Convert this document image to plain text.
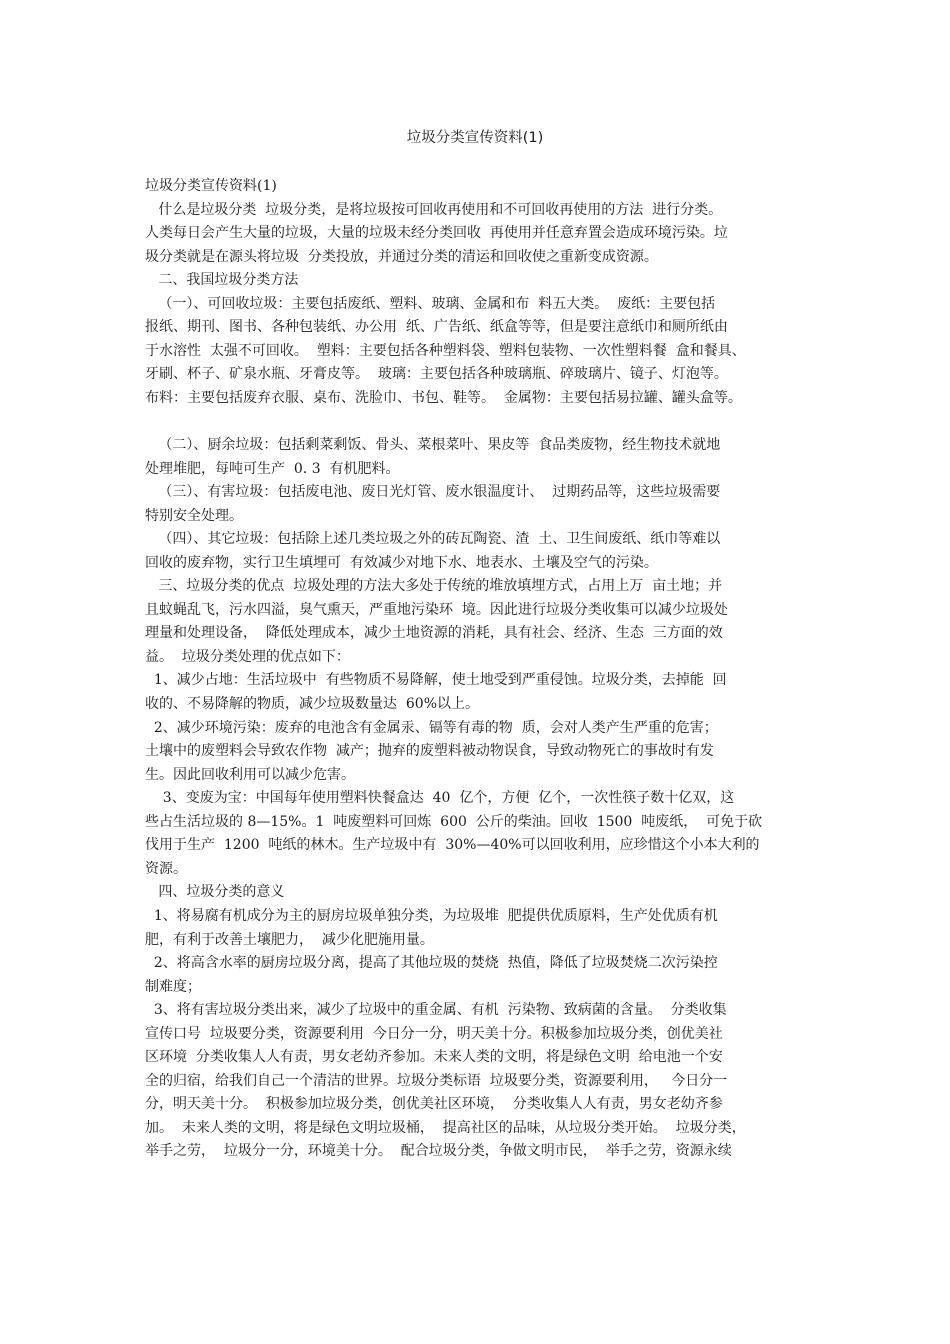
垃圾分类宣传资料(1)
垃圾分类宣传资料(1)
什么是垃圾分类  垃圾分类，是将垃圾按可回收再使用和不可回收再使用的方法  进行分类。
人类每日会产生大量的垃圾，大量的垃圾未经分类回收  再使用并任意弃置会造成环境污染。垃
圾分类就是在源头将垃圾  分类投放，并通过分类的清运和回收使之重新变成资源。
二、我国垃圾分类方法
（一）、可回收垃圾：主要包括废纸、塑料、玻璃、金属和布  料五大类。  废纸：主要包括
报纸、期刊、图书、各种包装纸、办公用  纸、广告纸、纸盒等等，但是要注意纸巾和厕所纸由
于水溶性  太强不可回收。  塑料：主要包括各种塑料袋、塑料包装物、一次性塑料餐  盒和餐具、
牙刷、杯子、矿泉水瓶、牙膏皮等。  玻璃：主要包括各种玻璃瓶、碎玻璃片、镜子、灯泡等。
布料：主要包括废弃衣服、桌布、洗脸巾、书包、鞋等。  金属物：主要包括易拉罐、罐头盒等。
（二）、厨余垃圾：包括剩菜剩饭、骨头、菜根菜叶、果皮等  食品类废物，经生物技术就地
处理堆肥，每吨可生产  0. 3  有机肥料。
（三）、有害垃圾：包括废电池、废日光灯管、废水银温度计、  过期药品等，这些垃圾需要
特别安全处理。
（四）、其它垃圾：包括除上述几类垃圾之外的砖瓦陶瓷、渣  土、卫生间废纸、纸巾等难以
回收的废弃物，实行卫生填埋可  有效减少对地下水、地表水、土壤及空气的污染。
三、垃圾分类的优点  垃圾处理的方法大多处于传统的堆放填埋方式，占用上万  亩土地；并
且蚊蝇乱飞，污水四溢，臭气熏天，严重地污染环  境。因此进行垃圾分类收集可以减少垃圾处
理量和处理设备，  降低处理成本，减少土地资源的消耗，具有社会、经济、生态  三方面的效
益。  垃圾分类处理的优点如下：
1、减少占地：生活垃圾中  有些物质不易降解，使土地受到严重侵蚀。垃圾分类，去掉能  回
收的、不易降解的物质，减少垃圾数量达  60%以上。
2、减少环境污染：废弃的电池含有金属汞、镉等有毒的物  质，会对人类产生严重的危害；
土壤中的废塑料会导致农作物  减产；抛弃的废塑料被动物误食，导致动物死亡的事故时有发
生。因此回收利用可以减少危害。
3、变废为宝：中国每年使用塑料快餐盒达  40  亿个，方便  亿个，一次性筷子数十亿双，这
些占生活垃圾的 8—15%。1  吨废塑料可回炼  600  公斤的柴油。回收  1500  吨废纸，  可免于砍
伐用于生产  1200  吨纸的林木。生产垃圾中有  30%—40%可以回收利用，应珍惜这个小本大利的
资源。
四、垃圾分类的意义
1、将易腐有机成分为主的厨房垃圾单独分类，为垃圾堆  肥提供优质原料，生产处优质有机
肥，有利于改善土壤肥力，  减少化肥施用量。
2、将高含水率的厨房垃圾分离，提高了其他垃圾的焚烧  热值，降低了垃圾焚烧二次污染控
制难度；
3、将有害垃圾分类出来，减少了垃圾中的重金属、有机  污染物、致病菌的含量。  分类收集
宣传口号  垃圾要分类，资源要利用  今日分一分，明天美十分。积极参加垃圾分类，创优美社
区环境  分类收集人人有责，男女老幼齐参加。未来人类的文明，将是绿色文明  给电池一个安
全的归宿，给我们自己一个清洁的世界。垃圾分类标语  垃圾要分类，资源要利用，   今日分一
分，明天美十分。  积极参加垃圾分类，创优美社区环境，  分类收集人人有责，男女老幼齐参
加。  未来人类的文明，将是绿色文明垃圾桶，  提高社区的品味，从垃圾分类开始。  垃圾分类，
举手之劳，  垃圾分一分，环境美十分。  配合垃圾分类，争做文明市民，  举手之劳，资源永续
